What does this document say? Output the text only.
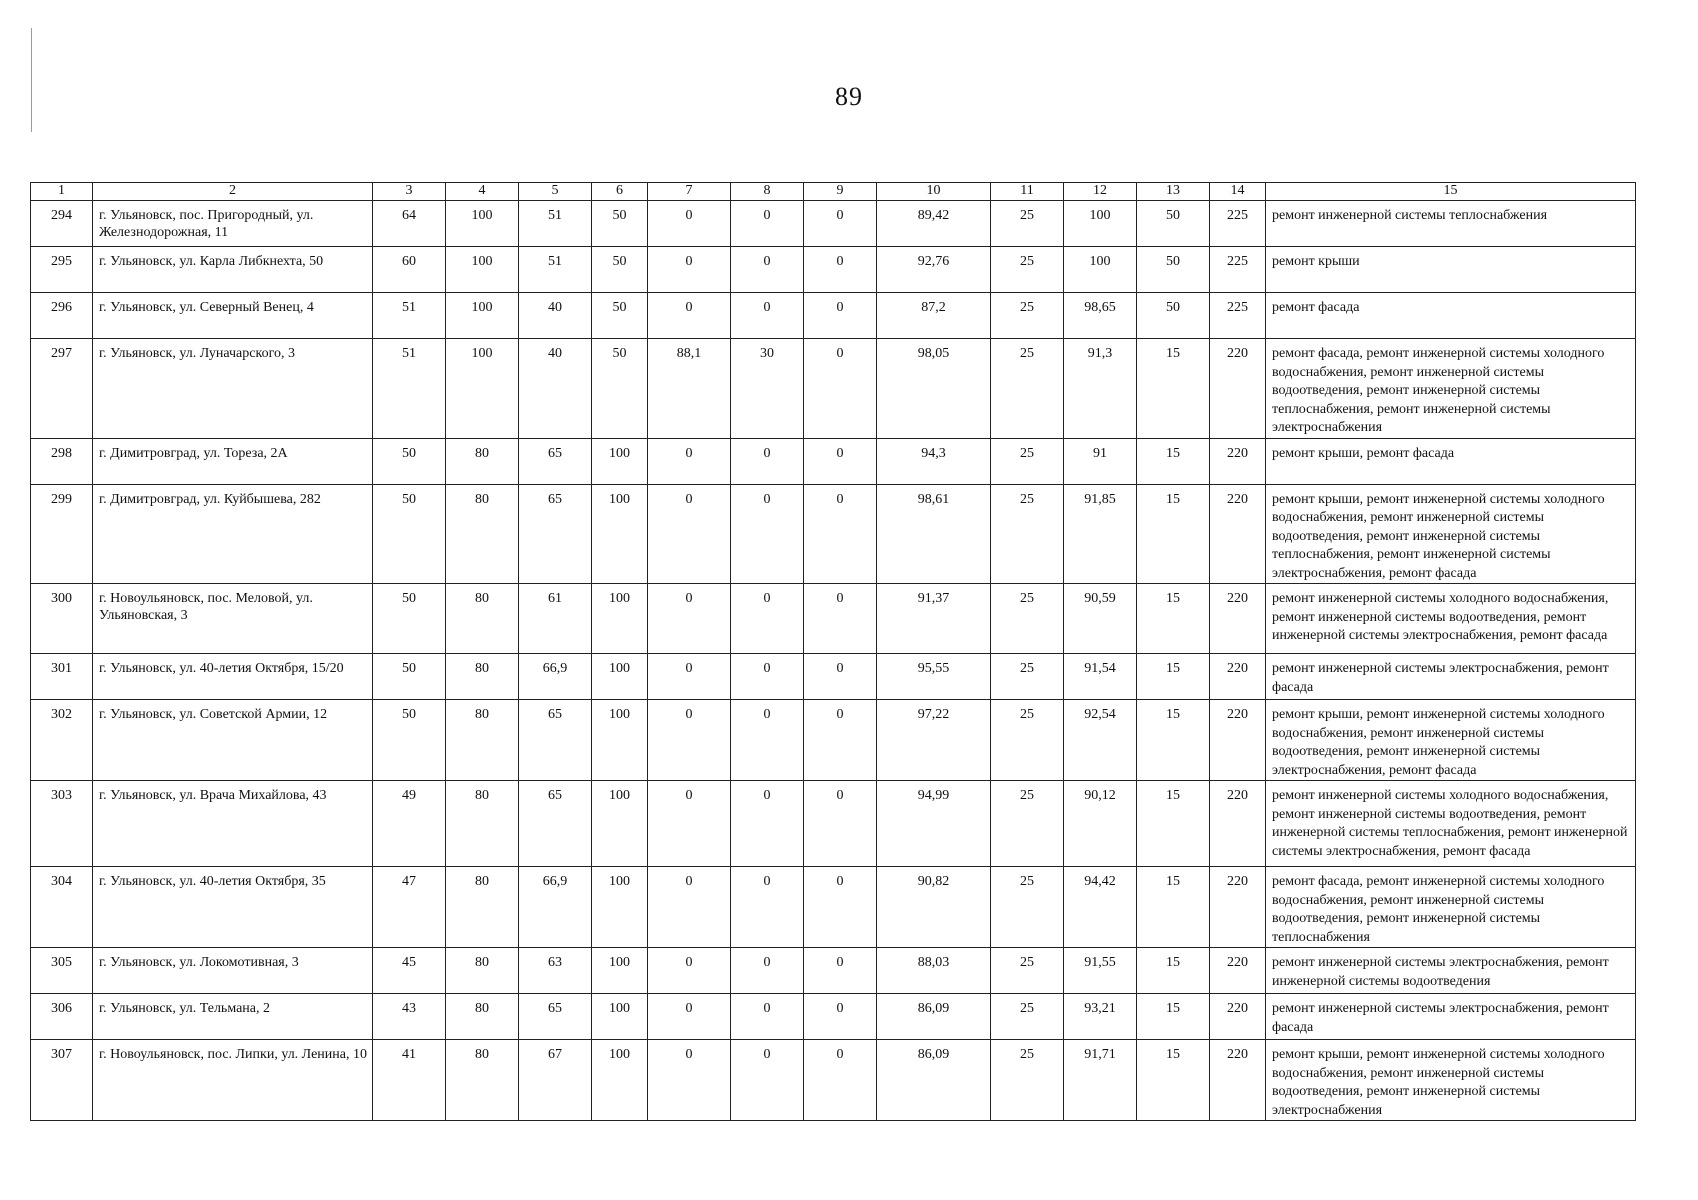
89
1	2	3	4	5	6	7	8	9	10	11	12	13	14	15
294	г. Ульяновск, пос. Пригородный, ул. Железнодорожная, 11	64	100	51	50	0	0	0	89,42	25	100	50	225	ремонт инженерной системы теплоснабжения
295	г. Ульяновск, ул. Карла Либкнехта, 50	60	100	51	50	0	0	0	92,76	25	100	50	225	ремонт крыши
296	г. Ульяновск, ул. Северный Венец, 4	51	100	40	50	0	0	0	87,2	25	98,65	50	225	ремонт фасада
297	г. Ульяновск, ул. Луначарского, 3	51	100	40	50	88,1	30	0	98,05	25	91,3	15	220	ремонт фасада, ремонт инженерной системы холодного водоснабжения, ремонт инженерной системы водоотведения, ремонт инженерной системы теплоснабжения, ремонт инженерной системы электроснабжения
298	г. Димитровград, ул. Тореза, 2А	50	80	65	100	0	0	0	94,3	25	91	15	220	ремонт крыши, ремонт фасада
299	г. Димитровград, ул. Куйбышева, 282	50	80	65	100	0	0	0	98,61	25	91,85	15	220	ремонт крыши, ремонт инженерной системы холодного водоснабжения, ремонт инженерной системы водоотведения, ремонт инженерной системы теплоснабжения, ремонт инженерной системы электроснабжения, ремонт фасада
300	г. Новоульяновск, пос. Меловой, ул. Ульяновская, 3	50	80	61	100	0	0	0	91,37	25	90,59	15	220	ремонт инженерной системы холодного водоснабжения, ремонт инженерной системы водоотведения, ремонт инженерной системы электроснабжения, ремонт фасада
301	г. Ульяновск, ул. 40-летия Октября, 15/20	50	80	66,9	100	0	0	0	95,55	25	91,54	15	220	ремонт инженерной системы электроснабжения, ремонт фасада
302	г. Ульяновск, ул. Советской Армии, 12	50	80	65	100	0	0	0	97,22	25	92,54	15	220	ремонт крыши, ремонт инженерной системы холодного водоснабжения, ремонт инженерной системы водоотведения, ремонт инженерной системы электроснабжения, ремонт фасада
303	г. Ульяновск, ул. Врача Михайлова, 43	49	80	65	100	0	0	0	94,99	25	90,12	15	220	ремонт инженерной системы холодного водоснабжения, ремонт инженерной системы водоотведения, ремонт инженерной системы теплоснабжения, ремонт инженерной системы электроснабжения, ремонт фасада
304	г. Ульяновск, ул. 40-летия Октября, 35	47	80	66,9	100	0	0	0	90,82	25	94,42	15	220	ремонт фасада, ремонт инженерной системы холодного водоснабжения, ремонт инженерной системы водоотведения, ремонт инженерной системы теплоснабжения
305	г. Ульяновск, ул. Локомотивная, 3	45	80	63	100	0	0	0	88,03	25	91,55	15	220	ремонт инженерной системы электроснабжения, ремонт инженерной системы водоотведения
306	г. Ульяновск, ул. Тельмана, 2	43	80	65	100	0	0	0	86,09	25	93,21	15	220	ремонт инженерной системы электроснабжения, ремонт фасада
307	г. Новоульяновск, пос. Липки, ул. Ленина, 10	41	80	67	100	0	0	0	86,09	25	91,71	15	220	ремонт крыши, ремонт инженерной системы холодного водоснабжения, ремонт инженерной системы водоотведения, ремонт инженерной системы электроснабжения
